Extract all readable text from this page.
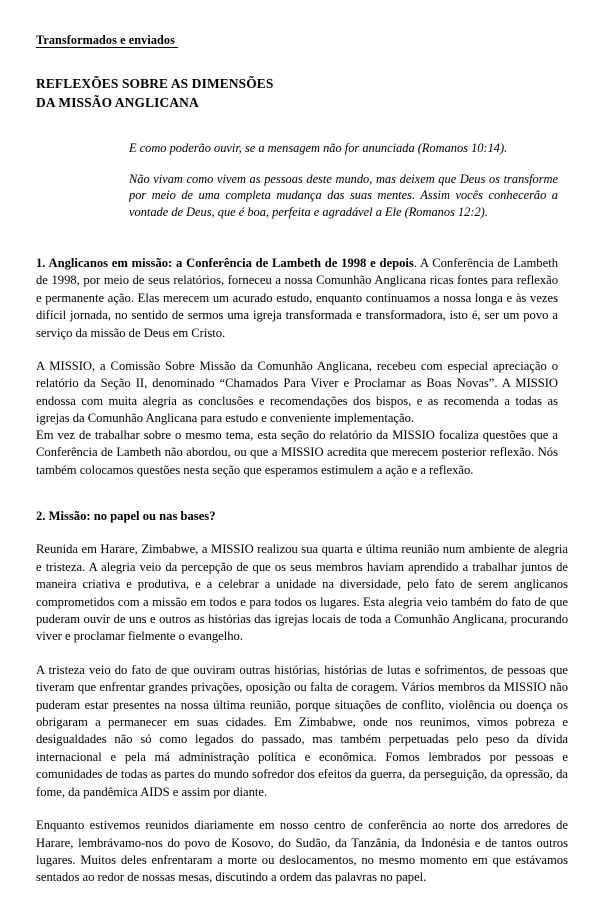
Transformados e enviados
REFLEXÕES SOBRE AS DIMENSÕES
DA MISSÃO ANGLICANA

E como poderão ouvir, se a mensagem não for anunciada (Romanos 10:14).

Não vivam como vivem as pessoas deste mundo, mas deixem que Deus os transforme por meio de uma completa mudança das suas mentes. Assim vocês conhecerão a vontade de Deus, que é boa, perfeita e agradável a Ele (Romanos 12:2).

1. Anglicanos em missão: a Conferência de Lambeth de 1998 e depois. A Conferência de Lambeth de 1998, por meio de seus relatórios, forneceu a nossa Comunhão Anglicana ricas fontes para reflexão e permanente ação. Elas merecem um acurado estudo, enquanto continuamos a nossa longa e às vezes difícil jornada, no sentido de sermos uma igreja transformada e transformadora, isto é, ser um povo a serviço da missão de Deus em Cristo.

A MISSIO, a Comissão Sobre Missão da Comunhão Anglicana, recebeu com especial apreciação o relatório da Seção II, denominado “Chamados Para Viver e Proclamar as Boas Novas”. A MISSIO endossa com muita alegria as conclusões e recomendações dos bispos, e as recomenda a todas as igrejas da Comunhão Anglicana para estudo e conveniente implementação.

Em vez de trabalhar sobre o mesmo tema, esta seção do relatório da MISSIO focaliza questões que a Conferência de Lambeth não abordou, ou que a MISSIO acredita que merecem posterior reflexão. Nós também colocamos questões nesta seção que esperamos estimulem a ação e a reflexão.

2. Missão: no papel ou nas bases?

Reunida em Harare, Zimbabwe, a MISSIO realizou sua quarta e última reunião num ambiente de alegria e tristeza. A alegria veio da percepção de que os seus membros haviam aprendido a trabalhar juntos de maneira criativa e produtiva, e a celebrar a unidade na diversidade, pelo fato de serem anglicanos comprometidos com a missão em todos e para todos os lugares. Esta alegria veio também do fato de que puderam ouvir de uns e outros as histórias das igrejas locais de toda a Comunhão Anglicana, procurando viver e proclamar fielmente o evangelho.

A tristeza veio do fato de que ouviram outras histórias, histórias de lutas e sofrimentos, de pessoas que tiveram que enfrentar grandes privações, oposição ou falta de coragem. Vários membros da MISSIO não puderam estar presentes na nossa última reunião, porque situações de conflito, violência ou doença os obrigaram a permanecer em suas cidades. Em Zimbabwe, onde nos reunimos, vimos pobreza e desigualdades não só como legados do passado, mas também perpetuadas pelo peso da dívida internacional e pela má administração política e econômica. Fomos lembrados por pessoas e comunidades de todas as partes do mundo sofredor dos efeitos da guerra, da perseguição, da opressão, da fome, da pandêmica AIDS e assim por diante.

Enquanto estivemos reunidos diariamente em nosso centro de conferência ao norte dos arredores de Harare, lembrávamo-nos do povo de Kosovo, do Sudão, da Tanzânia, da Indonésia e de tantos outros lugares. Muitos deles enfrentaram a morte ou deslocamentos, no mesmo momento em que estávamos sentados ao redor de nossas mesas, discutindo a ordem das palavras no papel.
